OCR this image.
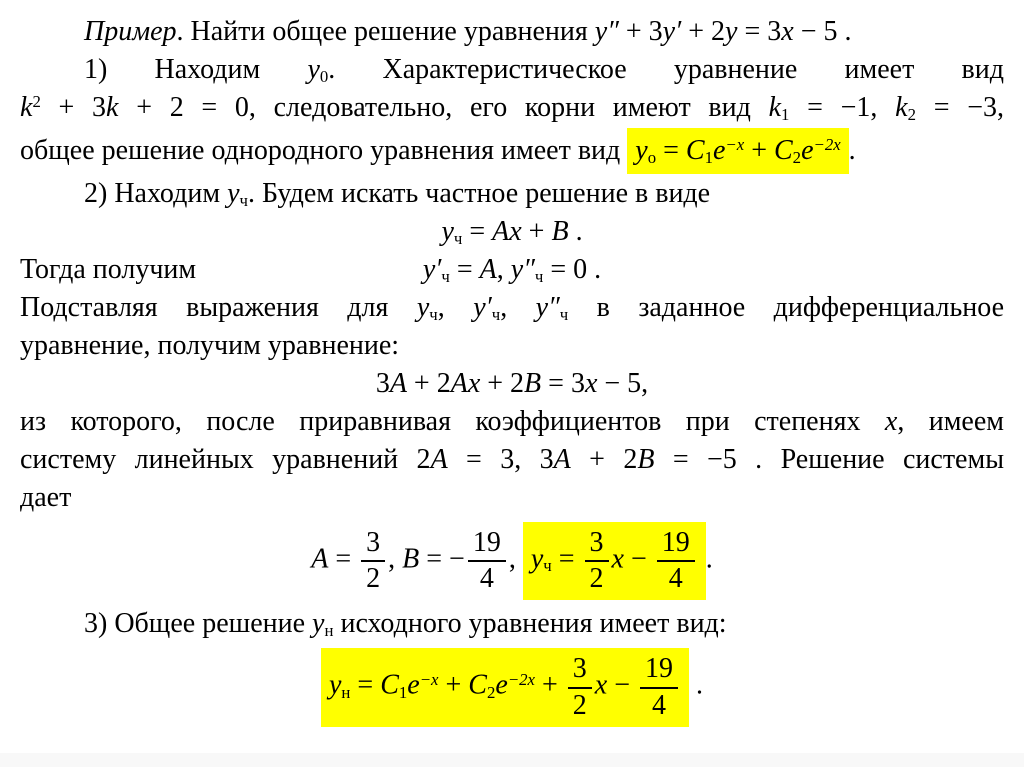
Пример. Найти общее решение уравнения y″ + 3y′ + 2y = 3x − 5 .
1) Находим $y_0$. Характеристическое уравнение имеет вид
$k^2 + 3k + 2 = 0$, следовательно, его корни имеют вид $k_1 = -1$, $k_2 = -3$,
общее решение однородного уравнения имеет вид $y_о = C_1e^{-x} + C_2e^{-2x}$ .
2) Находим $y_ч$. Будем искать частное решение в виде
$y_ч = Ax + B$ .
Тогда получим	$y'_ч = A$, $y''_ч = 0$ .
Подставляя выражения для $y_ч$, $y'_ч$, $y''_ч$ в заданное дифференциальное
уравнение, получим уравнение:
3A + 2Ax + 2B = 3x − 5,
из которого, после приравнивая коэффициентов при степенях x, имеем
систему линейных уравнений 2A = 3, 3A + 2B = −5 . Решение системы
дает
$A = \frac{3}{2}$ , B = − $\frac{19}{4}$ , $y_ч = \frac{3}{2}$ $x - \frac{19}{4}$ .
3) Общее решение $y_н$ исходного уравнения имеет вид:
$y_н = C_1e^{-x} + C_2e^{-2x} + \frac{3}{2}$ $x - \frac{19}{4}$ .
